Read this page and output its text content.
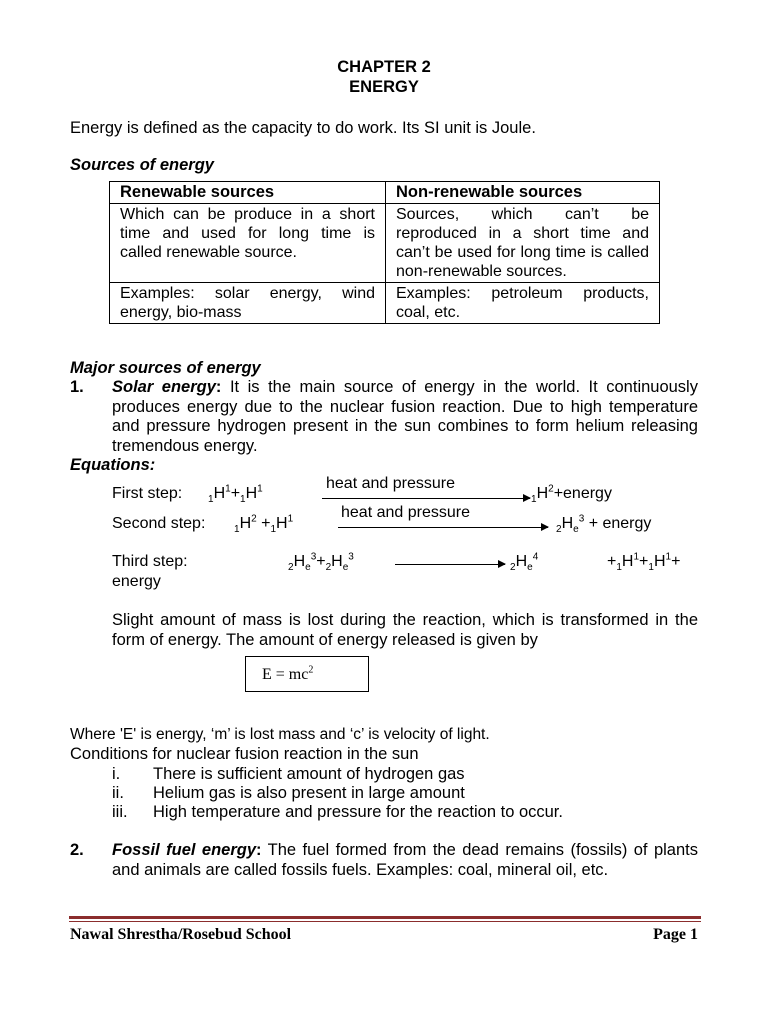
CHAPTER 2
ENERGY
Energy is defined as the capacity to do work. Its SI unit is Joule.
Sources of energy
Renewable sources	Non-renewable sources
Which can be produce in a short time and used for long time is called renewable source.	Sources, which can’t be reproduced in a short time and can’t be used for long time is called non-renewable sources.
Examples: solar energy, wind energy, bio-mass	Examples: petroleum products, coal, etc.
Major sources of energy
1. Solar energy: It is the main source of energy in the world. It continuously produces energy due to the nuclear fusion reaction. Due to high temperature and pressure hydrogen present in the sun combines to form helium releasing tremendous energy.
Equations:
heat and pressure
First step:	$_1H^1+_1H^1$
$_1H^2+energy$
heat and pressure
Second step:	$_1H^2 +_1H^1$
$_2H_e^3$ + energy
Third step:	$_2H_e^3+_2H_e^3$
$_2H_e^4$	$+_1H^1+_1H^1+$
energy
Slight amount of mass is lost during the reaction, which is transformed in the form of energy. The amount of energy released is given by
$E = mc^2$
Where 'E' is energy, ‘m’ is lost mass and ‘c’ is velocity of light.
Conditions for nuclear fusion reaction in the sun
i. There is sufficient amount of hydrogen gas
ii. Helium gas is also present in large amount
iii. High temperature and pressure for the reaction to occur.
2. Fossil fuel energy: The fuel formed from the dead remains (fossils) of plants and animals are called fossils fuels. Examples: coal, mineral oil, etc.
Nawal Shrestha/Rosebud School	Page 1
